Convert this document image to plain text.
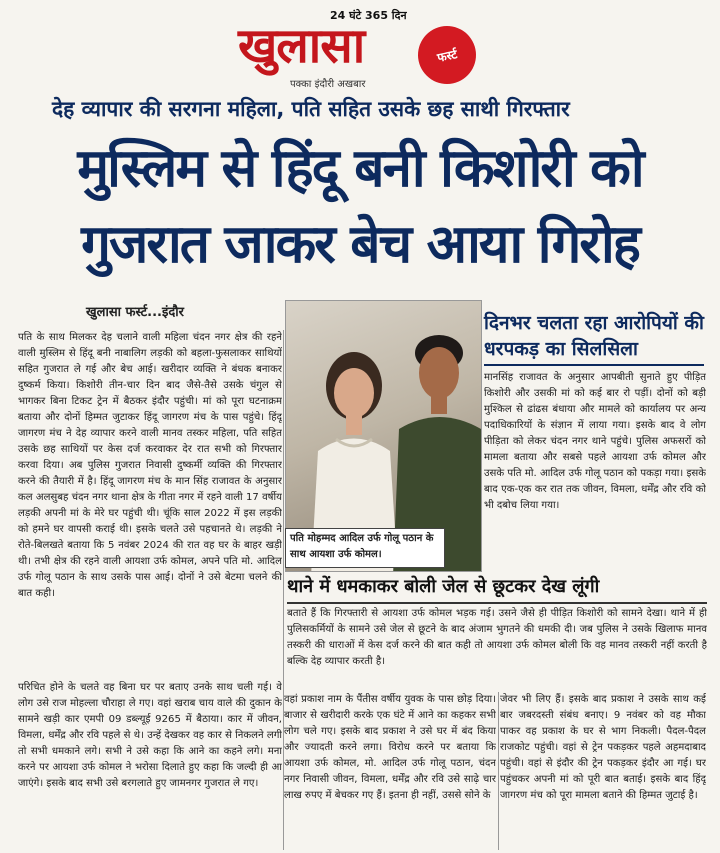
24 घंटे 365 दिन
खुलासा	फर्स्ट
पक्का इंदौरी अखबार
देह व्यापार की सरगना महिला, पति सहित उसके छह साथी गिरफ्तार
मुस्लिम से हिंदू बनी किशोरी को
गुजरात जाकर बेच आया गिरोह
खुलासा फर्स्ट...इंदौर
पति के साथ मिलकर देह चलाने वाली महिला चंदन नगर क्षेत्र की रहने वाली मुस्लिम से हिंदू बनी नाबालिग लड़की को बहला-फुसलाकर साथियों सहित गुजरात ले गई और बेच आई। खरीदार व्यक्ति ने बंधक बनाकर दुष्कर्म किया। किशोरी तीन-चार दिन बाद जैसे-तैसे उसके चंगुल से भागकर बिना टिकट ट्रेन में बैठकर इंदौर पहुंची। मां को पूरा घटनाक्रम बताया और दोनों हिम्मत जुटाकर हिंदू जागरण मंच के पास पहुंचे। हिंदू जागरण मंच ने देह व्यापार करने वाली मानव तस्कर महिला, पति सहित उसके छह साथियों पर केस दर्ज करवाकर देर रात सभी को गिरफ्तार करवा दिया। अब पुलिस गुजरात निवासी दुष्कर्मी व्यक्ति की गिरफ्तार करने की तैयारी में है। हिंदू जागरण मंच के मान सिंह राजावत के अनुसार कल अलसुबह चंदन नगर थाना क्षेत्र के गीता नगर में रहने वाली 17 वर्षीय लड़की अपनी मां के मेरे घर पहुंची थी। चूंकि साल 2022 में इस लड़की को हमने घर वापसी कराई थी। इसके चलते उसे पहचानते थे। लड़की ने रोते-बिलखते बताया कि 5 नवंबर 2024 की रात वह घर के बाहर खड़ी थी। तभी क्षेत्र की रहने वाली आयशा उर्फ कोमल, अपने पति मो. आदिल उर्फ गोलू पठान के साथ उसके पास आई। दोनों ने उसे बेटमा चलने की बात कही।
परिचित होने के चलते वह बिना घर पर बताए उनके साथ चली गई। वे लोग उसे राज मोहल्ला चौराहा ले गए। वहां खराब चाय वाले की दुकान के सामने खड़ी कार एमपी 09 डब्ल्यूई 9265 में बैठाया। कार में जीवन, विमला, धर्मेंद्र और रवि पहले से थे। उन्हें देखकर वह कार से निकलने लगी तो सभी धमकाने लगे। सभी ने उसे कहा कि आने का कहने लगे। मना करने पर आयशा उर्फ कोमल ने भरोसा दिलाते हुए कहा कि जल्दी ही आ जाएंगे। इसके बाद सभी उसे बरगलाते हुए जामनगर गुजरात ले गए।
पति मोहम्मद आदिल उर्फ गोलू पठान के साथ आयशा उर्फ कोमल।
दिनभर चलता रहा आरोपियों की धरपकड़ का सिलसिला
मानसिंह राजावत के अनुसार आपबीती सुनाते हुए पीड़ित किशोरी और उसकी मां को कई बार रो पड़ीं। दोनों को बड़ी मुश्किल से ढांढस बंधाया और मामले को कार्यालय पर अन्य पदाधिकारियों के संज्ञान में लाया गया। इसके बाद वे लोग पीड़िता को लेकर चंदन नगर थाने पहुंचे। पुलिस अफसरों को मामला बताया और सबसे पहले आयशा उर्फ कोमल और उसके पति मो. आदिल उर्फ गोलू पठान को पकड़ा गया। इसके बाद एक-एक कर रात तक जीवन, विमला, धर्मेंद्र और रवि को भी दबोच लिया गया।
थाने में धमकाकर बोली जेल से छूटकर देख लूंगी
बताते हैं कि गिरफ्तारी से आयशा उर्फ कोमल भड़क गई। उसने जैसे ही पीड़ित किशोरी को सामने देखा। थाने में ही पुलिसकर्मियों के सामने उसे जेल से छूटने के बाद अंजाम भुगतने की धमकी दी। जब पुलिस ने उसके खिलाफ मानव तस्करी की धाराओं में केस दर्ज करने की बात कही तो आयशा उर्फ कोमल बोली कि वह मानव तस्करी नहीं करती है बल्कि देह व्यापार करती है।
वहां प्रकाश नाम के पैंतीस वर्षीय युवक के पास छोड़ दिया। बाजार से खरीदारी करके एक घंटे में आने का कहकर सभी लोग चले गए। इसके बाद प्रकाश ने उसे घर में बंद किया और ज्यादती करने लगा। विरोध करने पर बताया कि आयशा उर्फ कोमल, मो. आदिल उर्फ गोलू पठान, चंदन नगर निवासी जीवन, विमला, धर्मेंद्र और रवि उसे साढ़े चार लाख रुपए में बेचकर गए हैं। इतना ही नहीं, उससे सोने के
जेवर भी लिए हैं। इसके बाद प्रकाश ने उसके साथ कई बार जबरदस्ती संबंध बनाए। 9 नवंबर को वह मौका पाकर वह प्रकाश के घर से भाग निकली। पैदल-पैदल राजकोट पहुंची। वहां से ट्रेन पकड़कर पहले अहमदाबाद पहुंची। वहां से इंदौर की ट्रेन पकड़कर इंदौर आ गई। घर पहुंचकर अपनी मां को पूरी बात बताई। इसके बाद हिंदू जागरण मंच को पूरा मामला बताने की हिम्मत जुटाई है।
